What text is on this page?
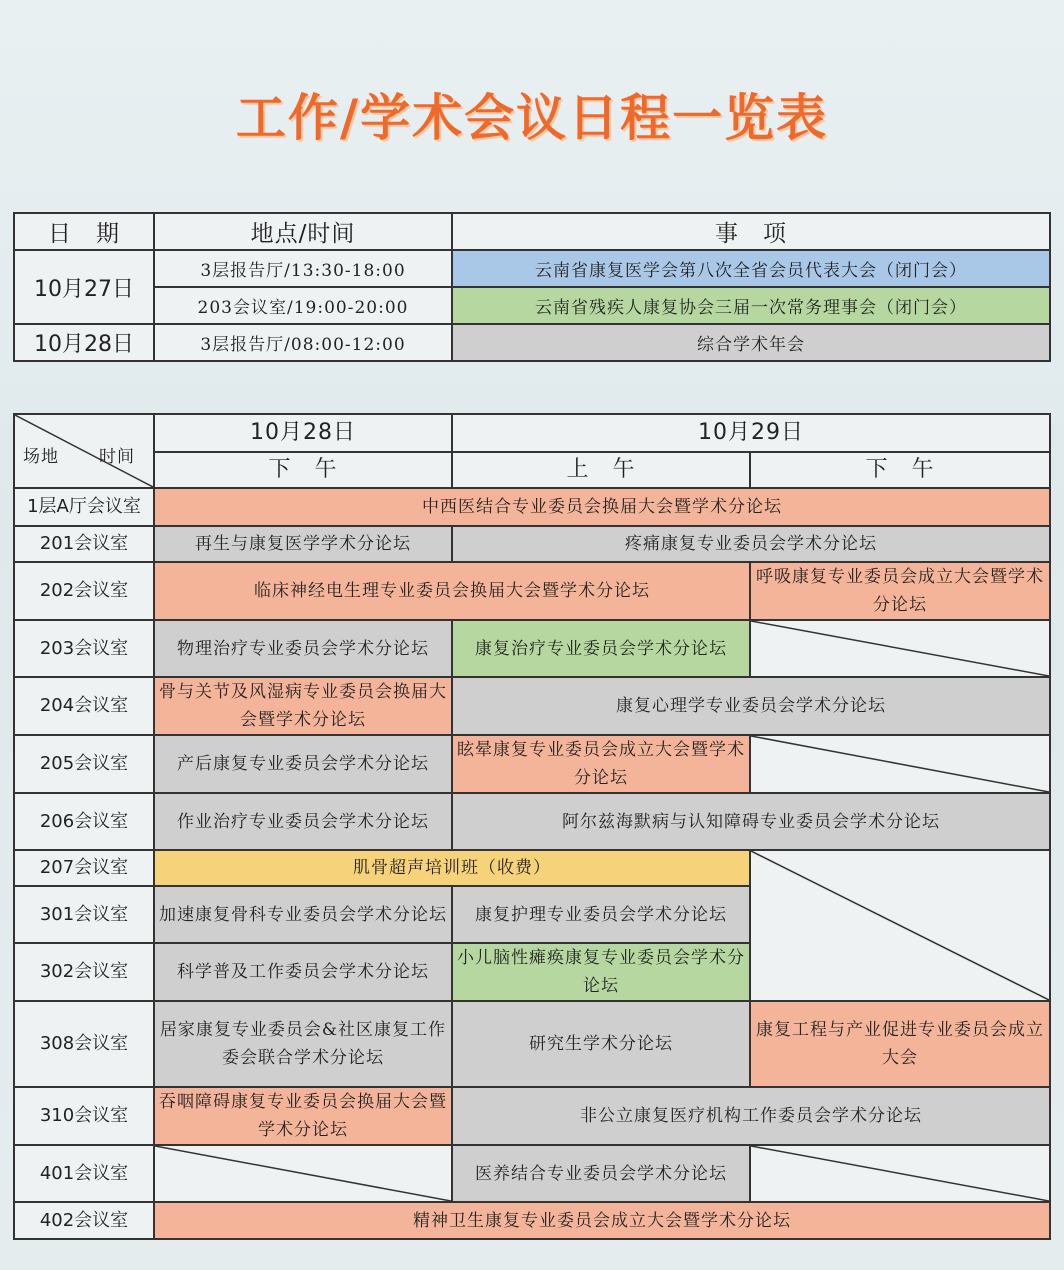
工作/学术会议日程一览表
日　期	地点/时间	事　项
10月27日	3层报告厅/13:30-18:00	云南省康复医学会第八次全省会员代表大会（闭门会）
	203会议室/19:00-20:00	云南省残疾人康复协会三届一次常务理事会（闭门会）
10月28日	3层报告厅/08:00-12:00	综合学术年会
场地 时间	10月28日	10月29日	
	下　午	上　午	下　午
1层A厅会议室	中西医结合专业委员会换届大会暨学术分论坛		
201会议室	再生与康复医学学术分论坛	疼痛康复专业委员会学术分论坛	
202会议室	临床神经电生理专业委员会换届大会暨学术分论坛		呼吸康复专业委员会成立大会暨学术分论坛
203会议室	物理治疗专业委员会学术分论坛	康复治疗专业委员会学术分论坛	

204会议室	骨与关节及风湿病专业委员会换届大会暨学术分论坛	康复心理学专业委员会学术分论坛	
205会议室	产后康复专业委员会学术分论坛	眩晕康复专业委员会成立大会暨学术分论坛	

206会议室	作业治疗专业委员会学术分论坛	阿尔兹海默病与认知障碍专业委员会学术分论坛	
207会议室	肌骨超声培训班（收费）	

301会议室	加速康复骨科专业委员会学术分论坛	康复护理专业委员会学术分论坛	
302会议室	科学普及工作委员会学术分论坛	小儿脑性瘫痪康复专业委员会学术分论坛	
308会议室	居家康复专业委员会&社区康复工作委会联合学术分论坛	研究生学术分论坛	康复工程与产业促进专业委员会成立大会
310会议室	吞咽障碍康复专业委员会换届大会暨学术分论坛	非公立康复医疗机构工作委员会学术分论坛	
401会议室		医养结合专业委员会学术分论坛	

402会议室	精神卫生康复专业委员会成立大会暨学术分论坛		
